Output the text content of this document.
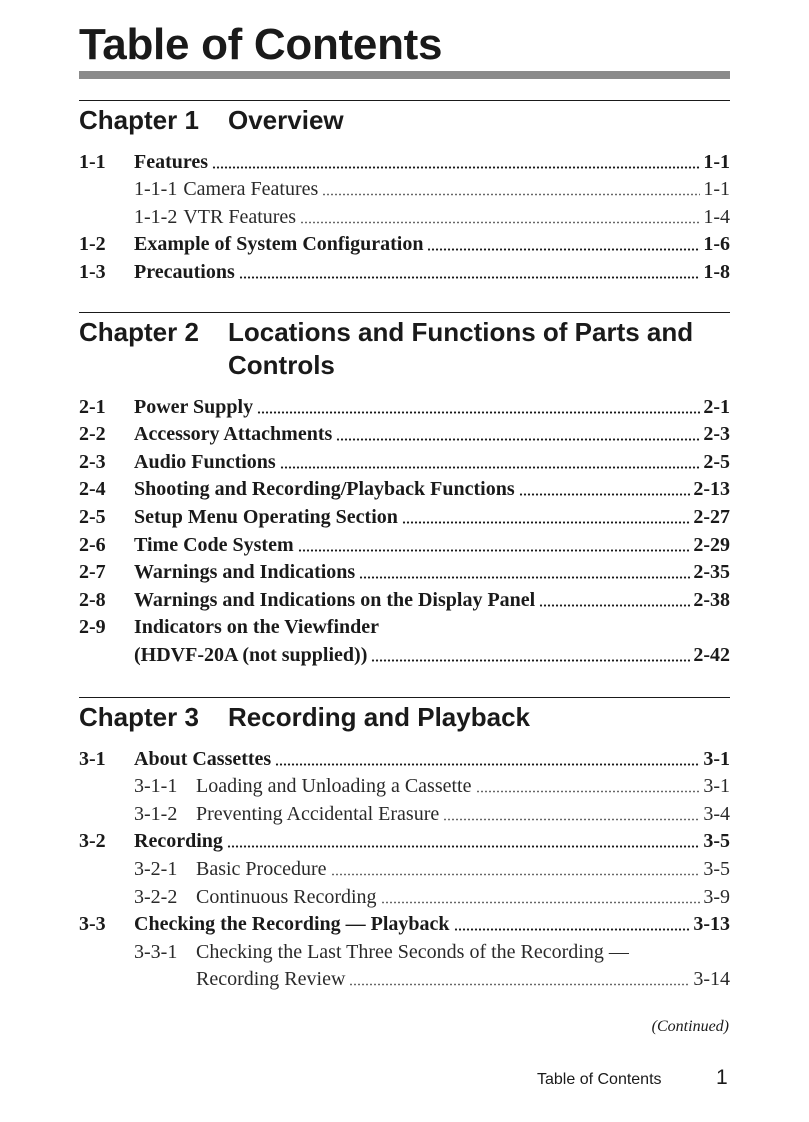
Table of Contents
Chapter 1	Overview
1-1	Features	1-1
1-1-1 Camera Features	1-1
1-1-2 VTR Features	1-4
1-2	Example of System Configuration	1-6
1-3	Precautions	1-8
Chapter 2	Locations and Functions of Parts and Controls
2-1	Power Supply	2-1
2-2	Accessory Attachments	2-3
2-3	Audio Functions	2-5
2-4	Shooting and Recording/Playback Functions	2-13
2-5	Setup Menu Operating Section	2-27
2-6	Time Code System	2-29
2-7	Warnings and Indications	2-35
2-8	Warnings and Indications on the Display Panel	2-38
2-9	Indicators on the Viewfinder
(HDVF-20A (not supplied))	2-42
Chapter 3	Recording and Playback
3-1	About Cassettes	3-1
3-1-1 Loading and Unloading a Cassette	3-1
3-1-2 Preventing Accidental Erasure	3-4
3-2	Recording	3-5
3-2-1 Basic Procedure	3-5
3-2-2 Continuous Recording	3-9
3-3	Checking the Recording — Playback	3-13
3-3-1 Checking the Last Three Seconds of the Recording —
Recording Review	3-14
(Continued)
Table of Contents	1
